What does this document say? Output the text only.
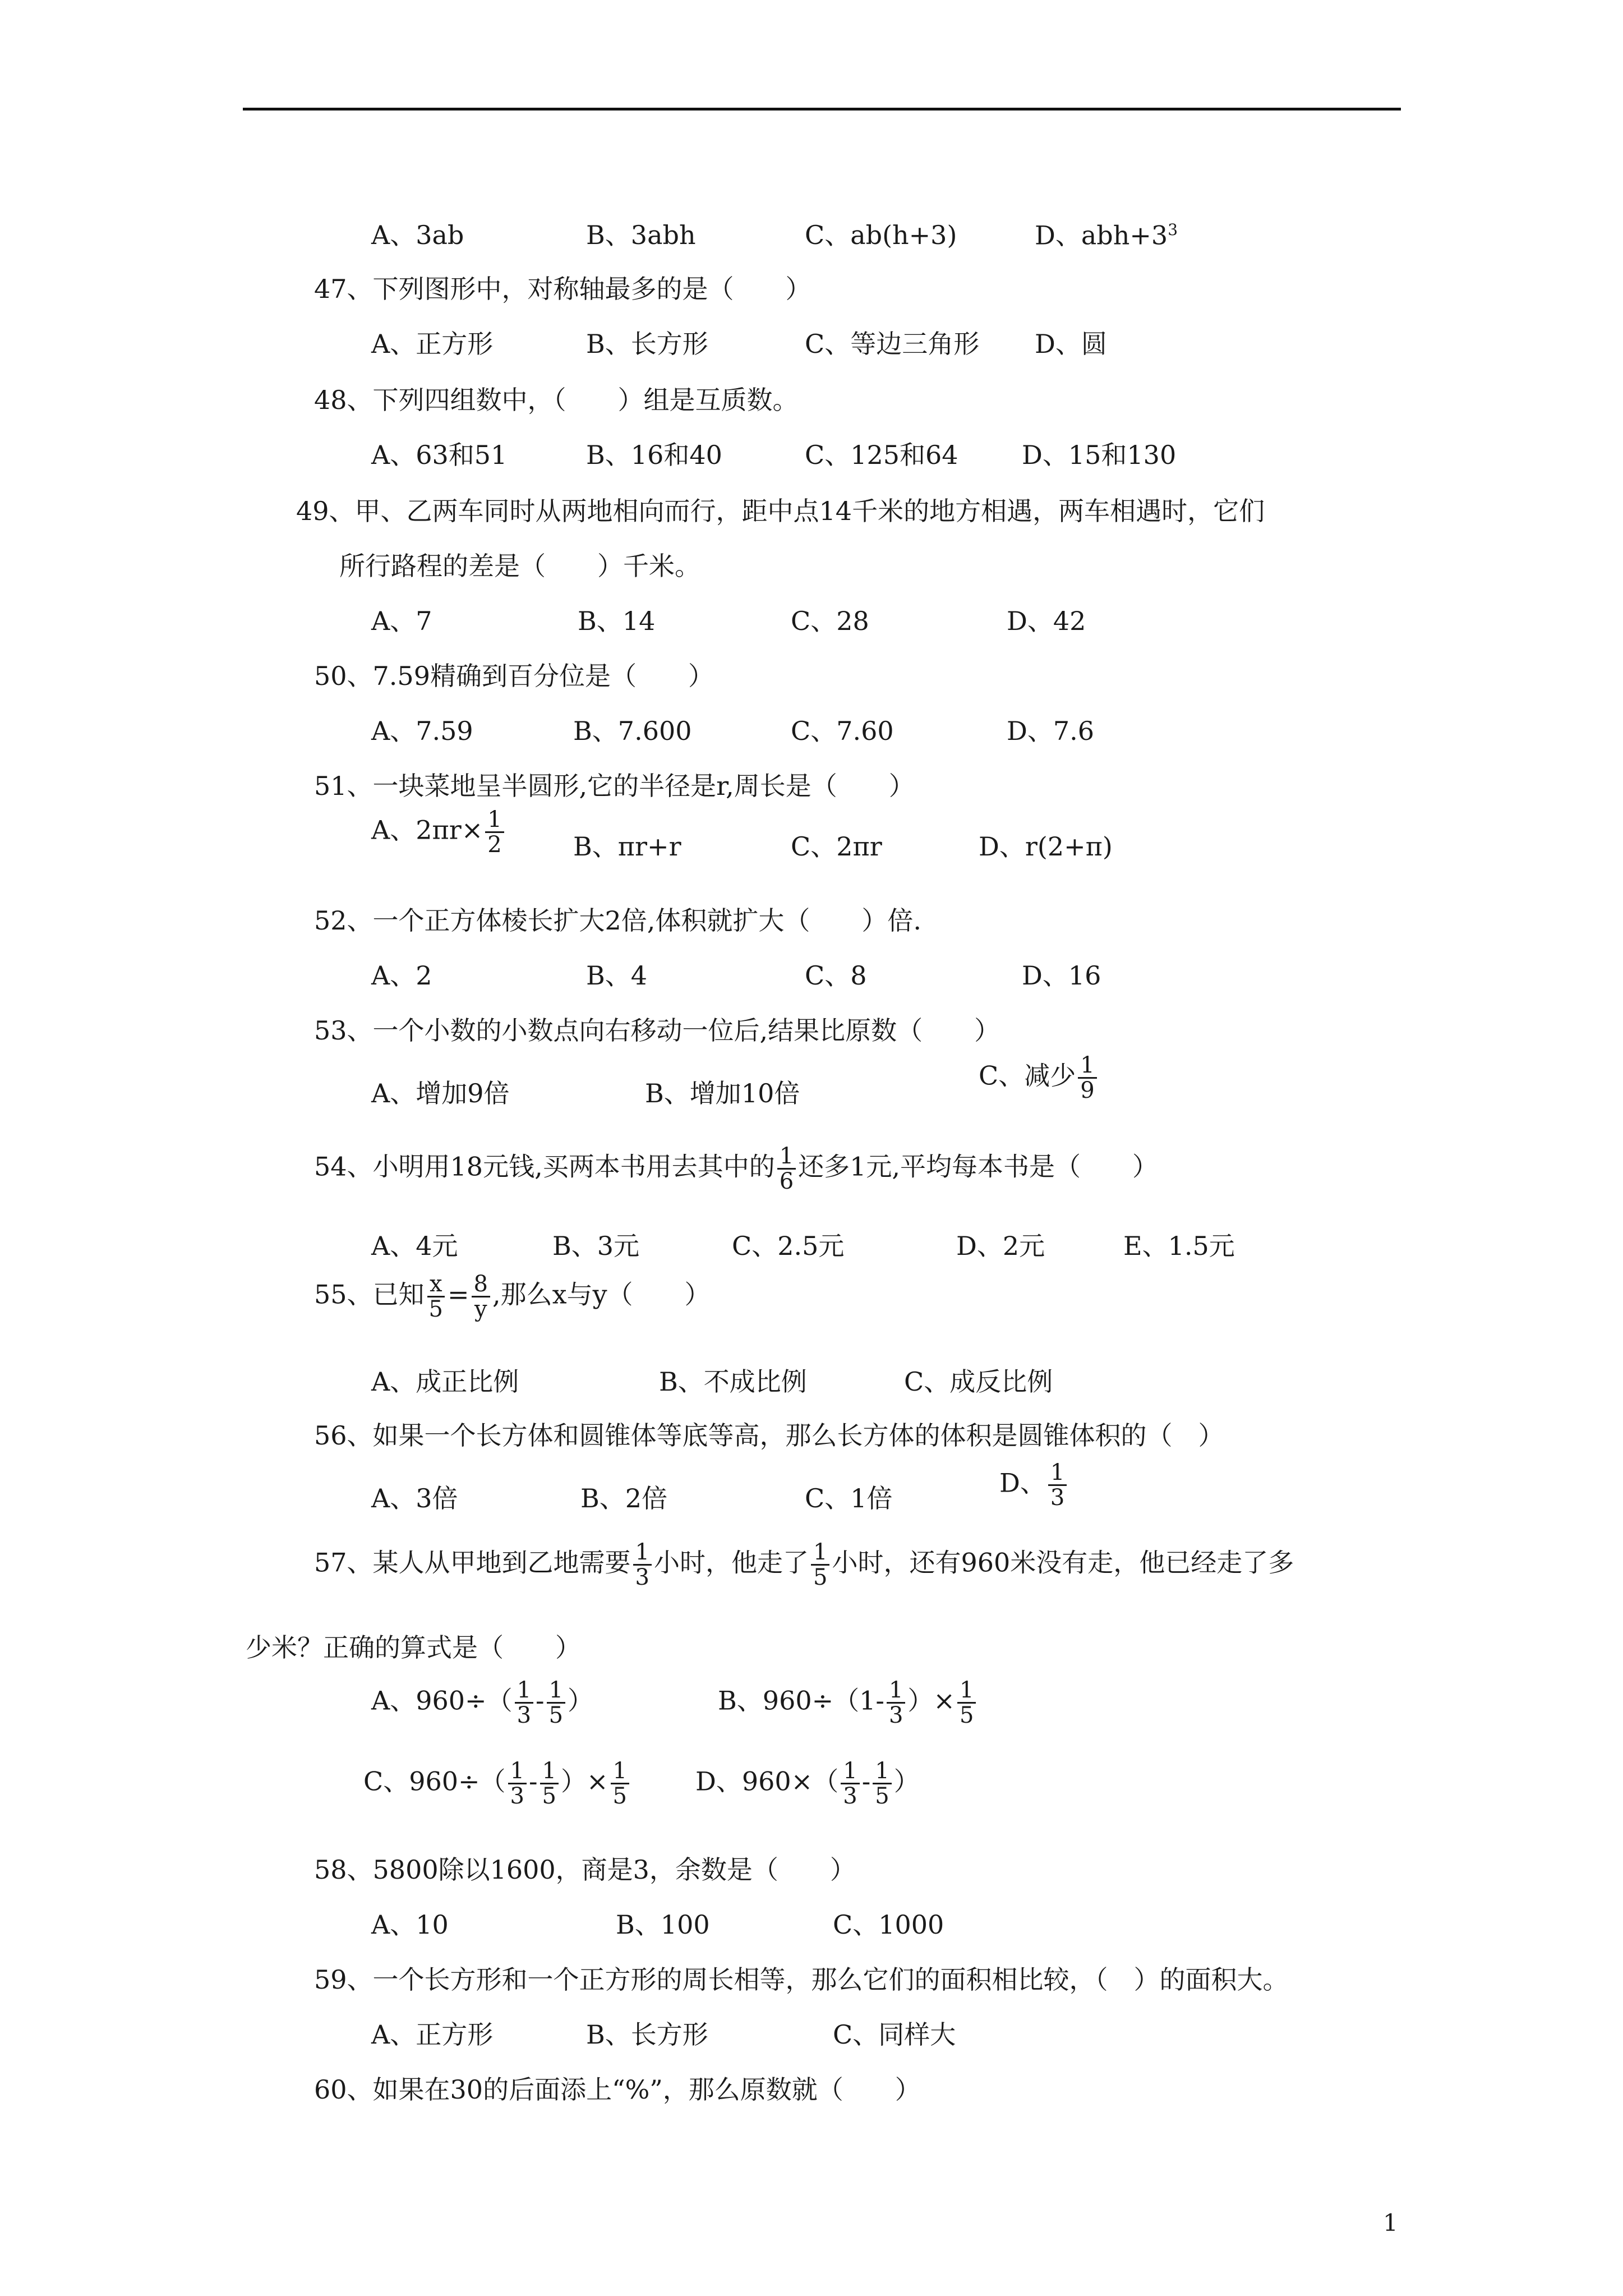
A、3ab	B、3abh	C、ab(h+3)	D、$abh+3^3$
47、下列图形中，对称轴最多的是（　　）
A、正方形	B、长方形	C、等边三角形 D、圆
48、下列四组数中，（　　）组是互质数。
A、63和51	B、16和40	C、125和64 D、15和130
49、甲、乙两车同时从两地相向而行，距中点14千米的地方相遇，两车相遇时，它们
所行路程的差是（　　）千米。
A、7	B、14	C、28	D、42
50、7.59精确到百分位是（　　）
A、7.59	B、7.600	C、7.60	D、7.6
51、一块菜地呈半圆形,它的半径是r,周长是（　　）
A、$2\pi r\times \frac{1}{2}$	B、πr+r	C、2πr	D、r(2+π)
52、一个正方体棱长扩大2倍,体积就扩大（　　）倍.
A、2	B、4	C、8	D、16
53、一个小数的小数点向右移动一位后,结果比原数（　　）
A、增加9倍	B、增加10倍
C、减少 $\frac{1}{9}$
54、小明用18元钱,买两本书用去其中的 $\frac{1}{6}$ 还多1元,平均每本书是（　　）
A、4元	B、3元	C、2.5元	D、2元	E、1.5元
55、已知 $\frac{x}{5} = \frac{8}{y}$ ,那么x与y（　　）
A、成正比例	B、不成比例	C、成反比例
56、如果一个长方体和圆锥体等底等高，那么长方体的体积是圆锥体积的（　）
A、3倍	B、2倍	C、1倍
D、 $\frac{1}{3}$
57、某人从甲地到乙地需要 $\frac{1}{3}$ 小时，他走了 $\frac{1}{5}$ 小时，还有960米没有走，他已经走了多
少米？正确的算式是（　　）
A、$960\div( \frac{1}{3} - \frac{1}{5}$ ）	B、$960\div(1- \frac{1}{3}$ ）× $\frac{1}{5}$
C、$960\div( \frac{1}{3} - \frac{1}{5}$ ）× $\frac{1}{5}$	D、$960\times( \frac{1}{3} - \frac{1}{5}$ ）
58、5800除以1600，商是3，余数是（　　）
A、10	B、100	C、1000
59、一个长方形和一个正方形的周长相等，那么它们的面积相比较，（　）的面积大。
A、正方形	B、长方形	C、同样大
60、如果在30的后面添上“%”，那么原数就（　　）
1
